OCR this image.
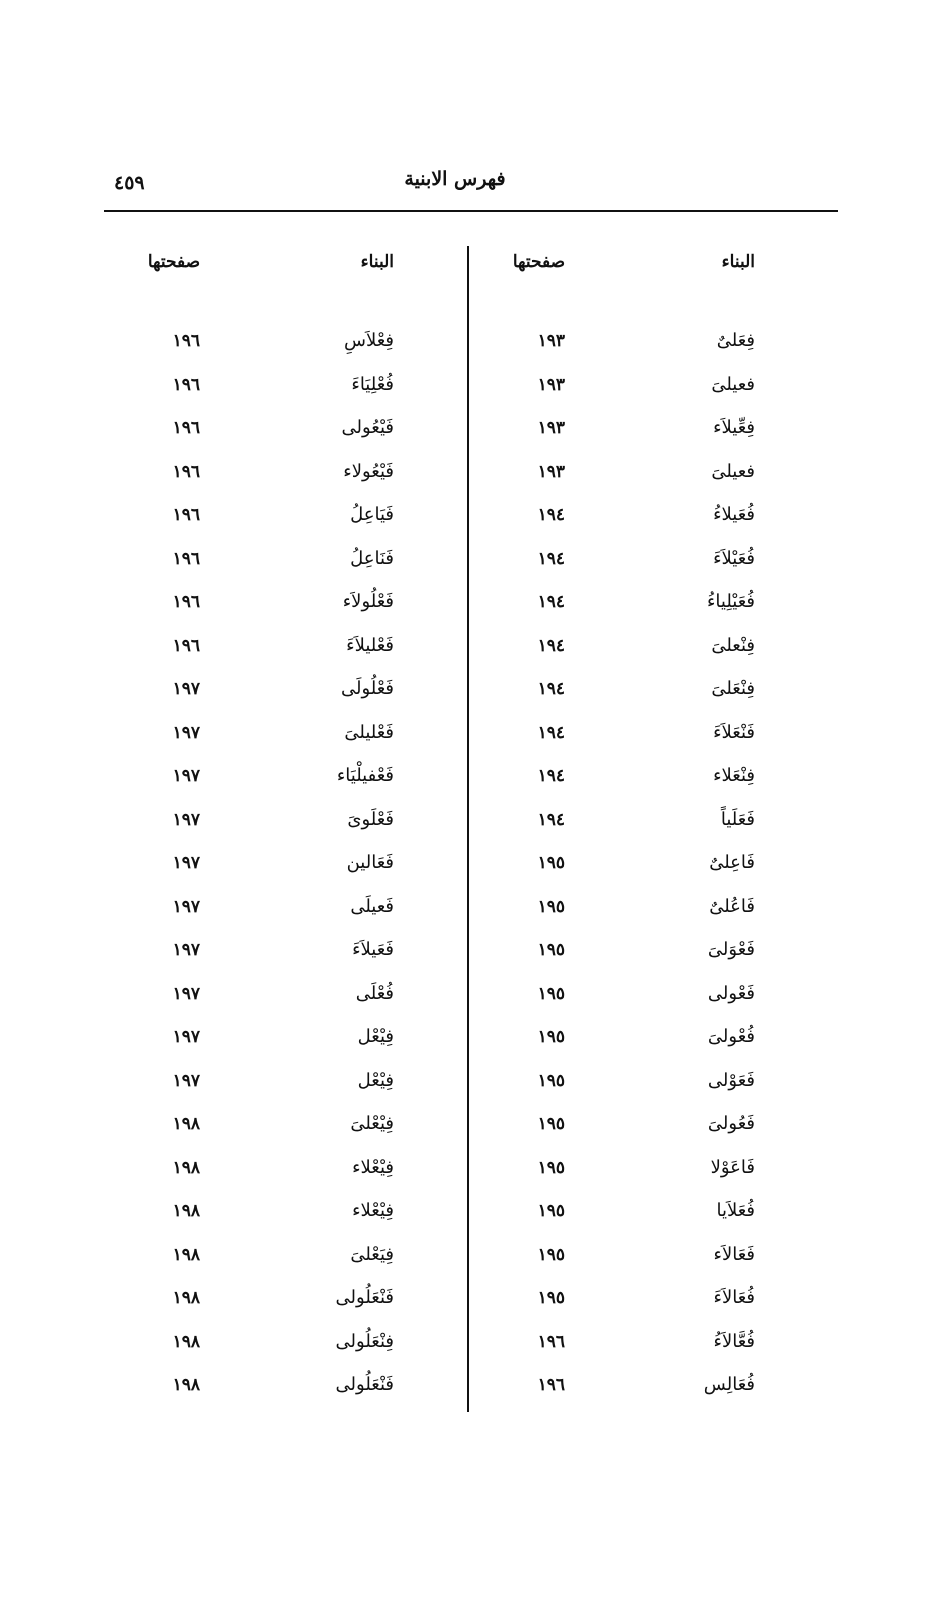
٤٥٩	فهرس الابنية
البناء
صفحتها
البناء
صفحتها
فِعَلىٌ
١٩٣
فِعْلاَسِ
١٩٦
فعيلىَ
١٩٣
فُعْلِيَاءَ
١٩٦
فِعِّيلاَء
١٩٣
فَيْعُولى
١٩٦
فعيلىَ
١٩٣
فَيْعُولاء
١٩٦
فُعَيلاءُ
١٩٤
فَيَاعِلُ
١٩٦
فُعَيْلاَءَ
١٩٤
فَنَاعِلُ
١٩٦
فُعَيْلِياءُ
١٩٤
فَعْلُولاَء
١٩٦
فِنْعلىَ
١٩٤
فَعْليلاَءَ
١٩٦
فِنْعَلىَ
١٩٤
فَعْلُولَى
١٩٧
فَنْعَلاَءَ
١٩٤
فَعْليلىَ
١٩٧
فِنْعَلاء
١٩٤
فَعْفيلْيَاء
١٩٧
فَعَلَياً
١٩٤
فَعْلَوىَ
١٩٧
فَاعِلىٌ
١٩٥
فَعَالين
١٩٧
فَاعُلىٌ
١٩٥
فَعيلَى
١٩٧
فَعْوَلىَ
١٩٥
فَعَيلاَءَ
١٩٧
فَعْولى
١٩٥
فُعْلَى
١٩٧
فُعْولىَ
١٩٥
فِيْعْل
١٩٧
فَعَوْلى
١٩٥
فِيْعْل
١٩٧
فَعُولىَ
١٩٥
فِيْعْلىَ
١٩٨
فَاعَوْلا
١٩٥
فِيْعْلاء
١٩٨
فُعَلاَيا
١٩٥
فِيْعْلاء
١٩٨
فَعَالاَء
١٩٥
فِيَعْلىَ
١٩٨
فُعَالاَءَ
١٩٥
فَنْعَلُولى
١٩٨
فُعَّالاَءُ
١٩٦
فِنْعَلُولى
١٩٨
فُعَالِس
١٩٦
فَنْعَلُولى
١٩٨
